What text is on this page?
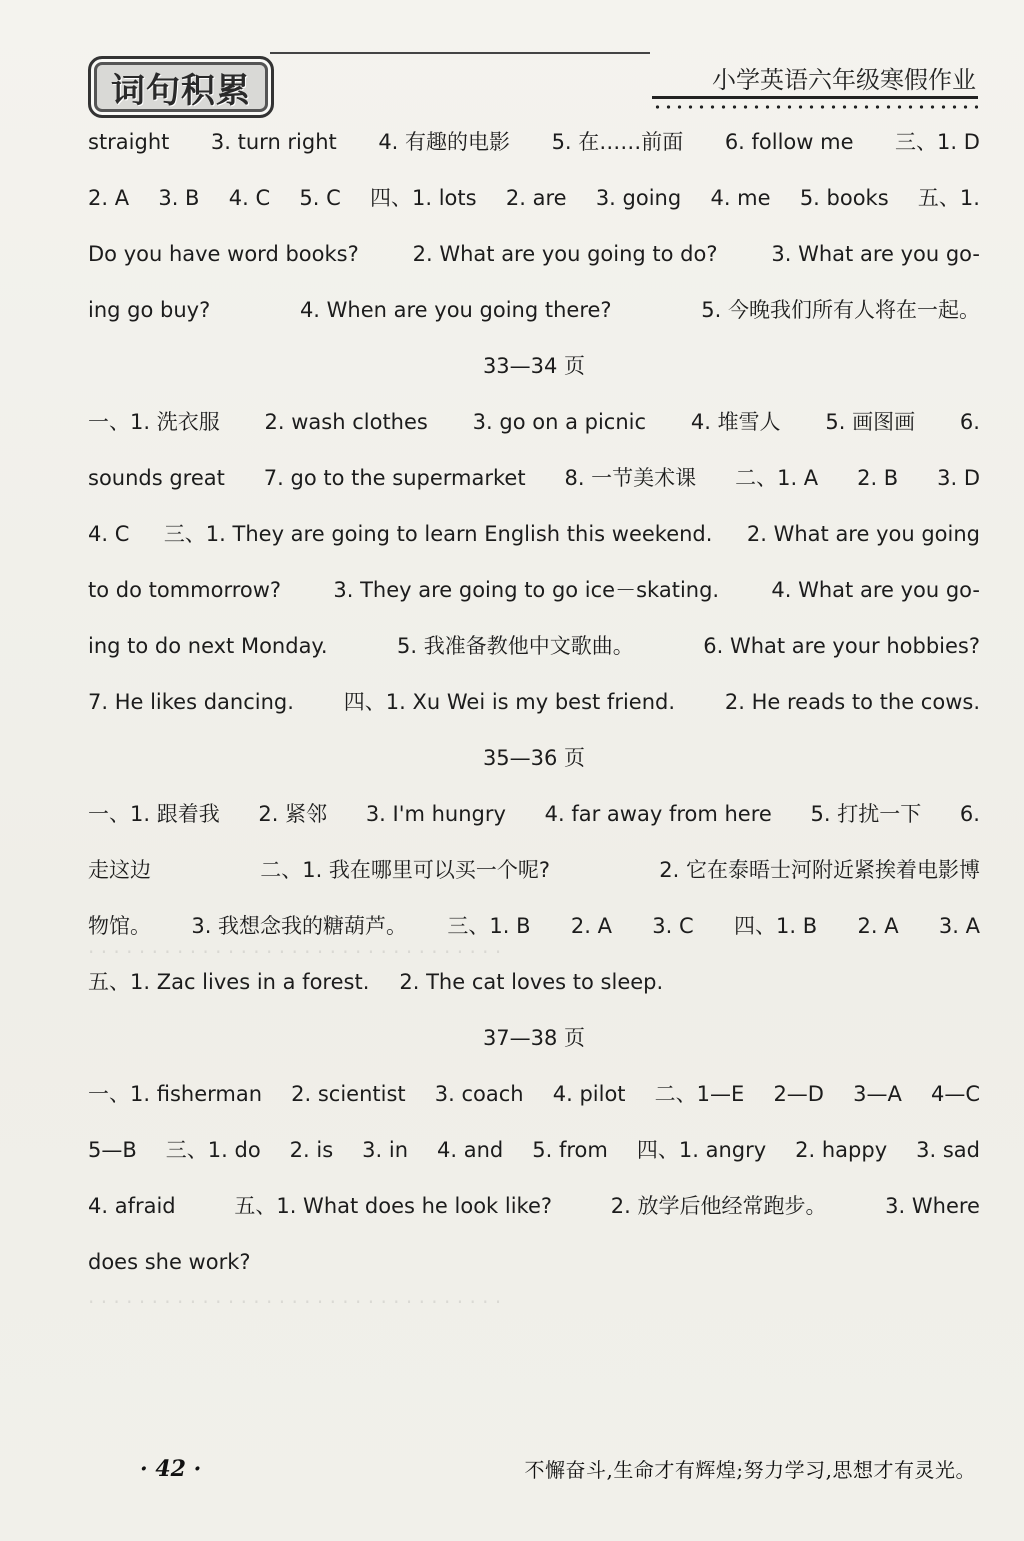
词句积累	小学英语六年级寒假作业
· · · · · · · · · · · · · · · · · · · · · · · · · · · · · · · · ·
· · · · · · · · · · · · · · · · · · · · · · · · · · · · · · · · ·
straight 3. turn right 4. 有趣的电影 5. 在……前面 6. follow me 三、1. D
2. A 3. B 4. C 5. C 四、1. lots 2. are 3. going 4. me 5. books 五、1.
Do you have word books?	2. What are you going to do?	3. What are you go-
ing go buy?	4. When are you going there?	5. 今晚我们所有人将在一起。
33—34 页
一、1. 洗衣服 2. wash clothes 3. go on a picnic 4. 堆雪人 5. 画图画 6.
sounds great 7. go to the supermarket 8. 一节美术课 二、1. A 2. B 3. D
4. C 三、1. They are going to learn English this weekend. 2. What are you going
to do tommorrow? 3. They are going to go ice－skating. 4. What are you go-
ing to do next Monday.	5. 我准备教他中文歌曲。	6. What are your hobbies?
7. He likes dancing. 四、1. Xu Wei is my best friend. 2. He reads to the cows.
35—36 页
一、1. 跟着我 2. 紧邻 3. I'm hungry 4. far away from here 5. 打扰一下 6.
走这边	二、1. 我在哪里可以买一个呢?	2. 它在泰晤士河附近紧挨着电影博
物馆。 3. 我想念我的糖葫芦。 三、1. B 2. A 3. C 四、1. B 2. A 3. A
五、1. Zac lives in a forest. 2. The cat loves to sleep.
37—38 页
一、1. fisherman 2. scientist 3. coach 4. pilot 二、1—E 2—D 3—A 4—C
5—B 三、1. do 2. is 3. in 4. and 5. from 四、1. angry 2. happy 3. sad
4. afraid	五、1. What does he look like?	2. 放学后他经常跑步。	3. Where
does she work?
· 42 ·	不懈奋斗,生命才有辉煌;努力学习,思想才有灵光。
